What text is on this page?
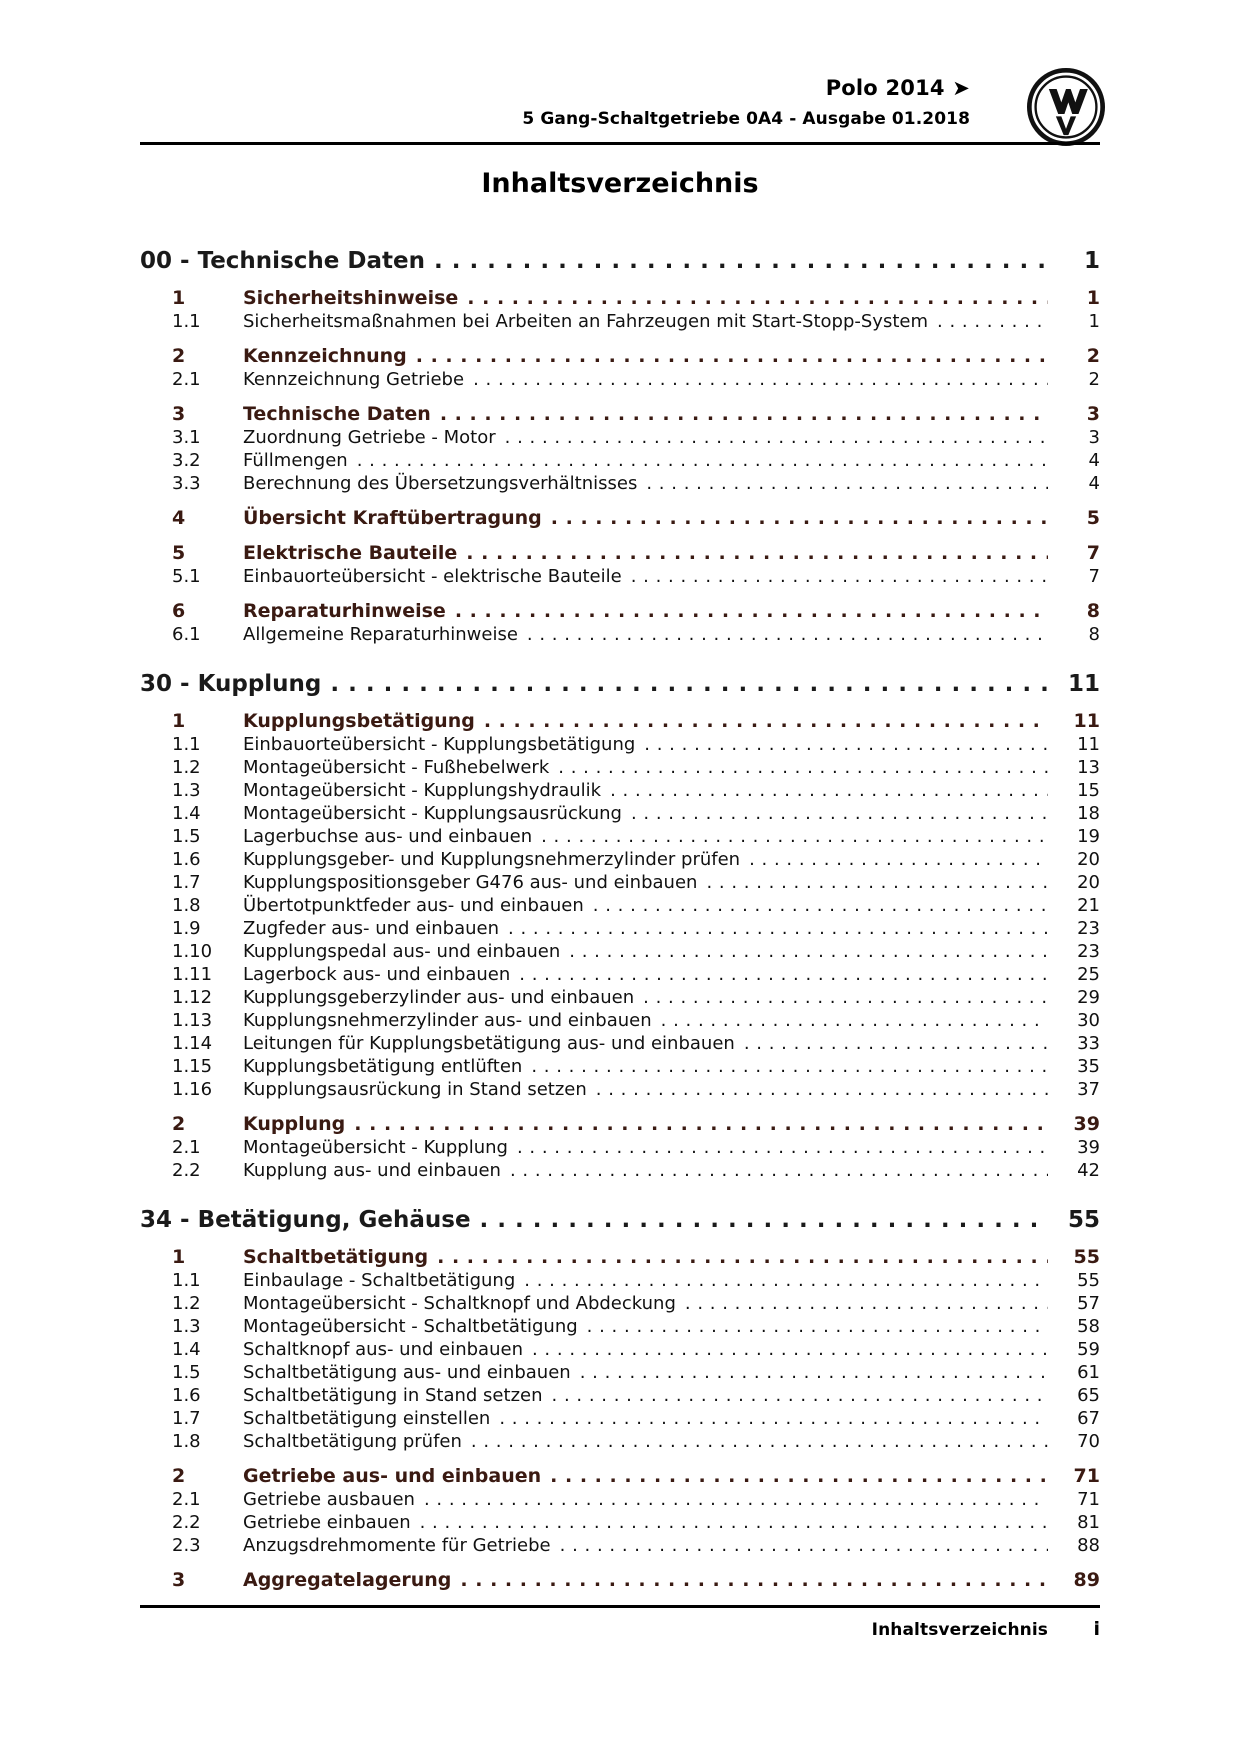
Polo 2014 ➤
5 Gang-Schaltgetriebe 0A4 - Ausgabe 01.2018
Inhaltsverzeichnis
00 - Technische Daten . . .	1
1	Sicherheitshinweise . . .	1
1.1	Sicherheitsmaßnahmen bei Arbeiten an Fahrzeugen mit Start-Stopp-System . . .	1
2	Kennzeichnung . . .	2
2.1	Kennzeichnung Getriebe . . .	2
3	Technische Daten . . .	3
3.1	Zuordnung Getriebe - Motor . . .	3
3.2	Füllmengen . . .	4
3.3	Berechnung des Übersetzungsverhältnisses . . .	4
4	Übersicht Kraftübertragung . . .	5
5	Elektrische Bauteile . . .	7
5.1	Einbauorteübersicht - elektrische Bauteile . . .	7
6	Reparaturhinweise . . .	8
6.1	Allgemeine Reparaturhinweise . . .	8
30 - Kupplung . . .	11
1	Kupplungsbetätigung . . .	11
1.1	Einbauorteübersicht - Kupplungsbetätigung . . .	11
1.2	Montageübersicht - Fußhebelwerk . . .	13
1.3	Montageübersicht - Kupplungshydraulik . . .	15
1.4	Montageübersicht - Kupplungsausrückung . . .	18
1.5	Lagerbuchse aus- und einbauen . . .	19
1.6	Kupplungsgeber- und Kupplungsnehmerzylinder prüfen . . .	20
1.7	Kupplungspositionsgeber G476 aus- und einbauen . . .	20
1.8	Übertotpunktfeder aus- und einbauen . . .	21
1.9	Zugfeder aus- und einbauen . . .	23
1.10	Kupplungspedal aus- und einbauen . . .	23
1.11	Lagerbock aus- und einbauen . . .	25
1.12	Kupplungsgeberzylinder aus- und einbauen . . .	29
1.13	Kupplungsnehmerzylinder aus- und einbauen . . .	30
1.14	Leitungen für Kupplungsbetätigung aus- und einbauen . . .	33
1.15	Kupplungsbetätigung entlüften . . .	35
1.16	Kupplungsausrückung in Stand setzen . . .	37
2	Kupplung . . .	39
2.1	Montageübersicht - Kupplung . . .	39
2.2	Kupplung aus- und einbauen . . .	42
34 - Betätigung, Gehäuse . . .	55
1	Schaltbetätigung . . .	55
1.1	Einbaulage - Schaltbetätigung . . .	55
1.2	Montageübersicht - Schaltknopf und Abdeckung . . .	57
1.3	Montageübersicht - Schaltbetätigung . . .	58
1.4	Schaltknopf aus- und einbauen . . .	59
1.5	Schaltbetätigung aus- und einbauen . . .	61
1.6	Schaltbetätigung in Stand setzen . . .	65
1.7	Schaltbetätigung einstellen . . .	67
1.8	Schaltbetätigung prüfen . . .	70
2	Getriebe aus- und einbauen . . .	71
2.1	Getriebe ausbauen . . .	71
2.2	Getriebe einbauen . . .	81
2.3	Anzugsdrehmomente für Getriebe . . .	88
3	Aggregatelagerung . . .	89
Inhaltsverzeichnis	i
